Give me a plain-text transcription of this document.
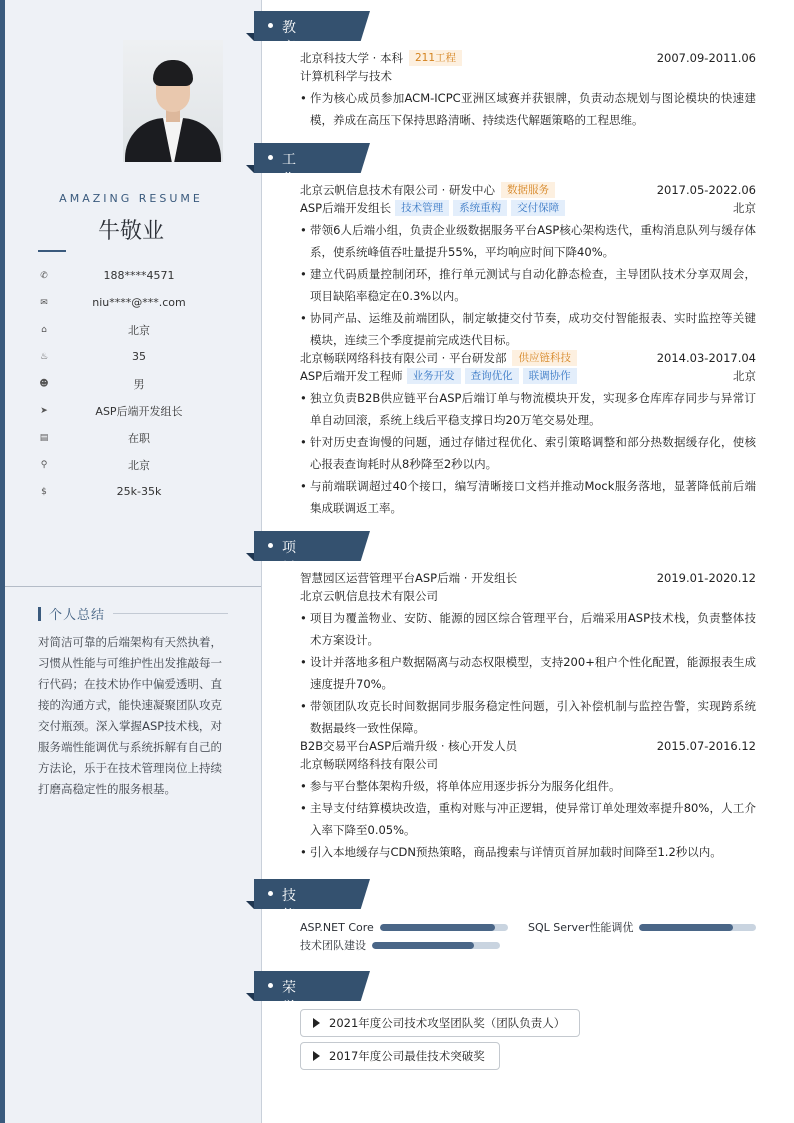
AMAZING RESUME
牛敬业
✆	188****4571
✉	niu****@***.com
⌂	北京
♨	35
☻	男
➤	ASP后端开发组长
▤	在职
⚲	北京
$	25k-35k
个人总结
对简洁可靠的后端架构有天然执着，习惯从性能与可维护性出发推敲每一行代码；在技术协作中偏爱透明、直接的沟通方式，能快速凝聚团队攻克交付瓶颈。深入掌握ASP技术栈，对服务端性能调优与系统拆解有自己的方法论，乐于在技术管理岗位上持续打磨高稳定性的服务根基。
教育经历
北京科技大学 · 本科	211工程	2007.09-2011.06
计算机科学与技术
• 作为核心成员参加ACM-ICPC亚洲区域赛并获银牌，负责动态规划与图论模块的快速建模，养成在高压下保持思路清晰、持续迭代解题策略的工程思维。
工作经历
北京云帆信息技术有限公司 · 研发中心	数据服务	2017.05-2022.06
ASP后端开发组长 技术管理	系统重构	交付保障	北京
• 带领6人后端小组，负责企业级数据服务平台ASP核心架构迭代，重构消息队列与缓存体系，使系统峰值吞吐量提升55%，平均响应时间下降40%。
• 建立代码质量控制闭环，推行单元测试与自动化静态检查，主导团队技术分享双周会，项目缺陷率稳定在0.3%以内。
• 协同产品、运维及前端团队，制定敏捷交付节奏，成功交付智能报表、实时监控等关键模块，连续三个季度提前完成迭代目标。
北京畅联网络科技有限公司 · 平台研发部	供应链科技	2014.03-2017.04
ASP后端开发工程师 业务开发	查询优化	联调协作	北京
• 独立负责B2B供应链平台ASP后端订单与物流模块开发，实现多仓库库存同步与异常订单自动回滚，系统上线后平稳支撑日均20万笔交易处理。
• 针对历史查询慢的问题，通过存储过程优化、索引策略调整和部分热数据缓存化，使核心报表查询耗时从8秒降至2秒以内。
• 与前端联调超过40个接口，编写清晰接口文档并推动Mock服务落地，显著降低前后端集成联调返工率。
项目经历
智慧园区运营管理平台ASP后端 · 开发组长	2019.01-2020.12
北京云帆信息技术有限公司
• 项目为覆盖物业、安防、能源的园区综合管理平台，后端采用ASP技术栈，负责整体技术方案设计。
• 设计并落地多租户数据隔离与动态权限模型，支持200+租户个性化配置，能源报表生成速度提升70%。
• 带领团队攻克长时间数据同步服务稳定性问题，引入补偿机制与监控告警，实现跨系统数据最终一致性保障。
B2B交易平台ASP后端升级 · 核心开发人员	2015.07-2016.12
北京畅联网络科技有限公司
• 参与平台整体架构升级，将单体应用逐步拆分为服务化组件。
• 主导支付结算模块改造，重构对账与冲正逻辑，使异常订单处理效率提升80%，人工介入率下降至0.05%。
• 引入本地缓存与CDN预热策略，商品搜索与详情页首屏加载时间降至1.2秒以内。
技能专长
ASP.NET Core	SQL Server性能调优
技术团队建设
荣誉奖项
2021年度公司技术攻坚团队奖（团队负责人）
2017年度公司最佳技术突破奖
